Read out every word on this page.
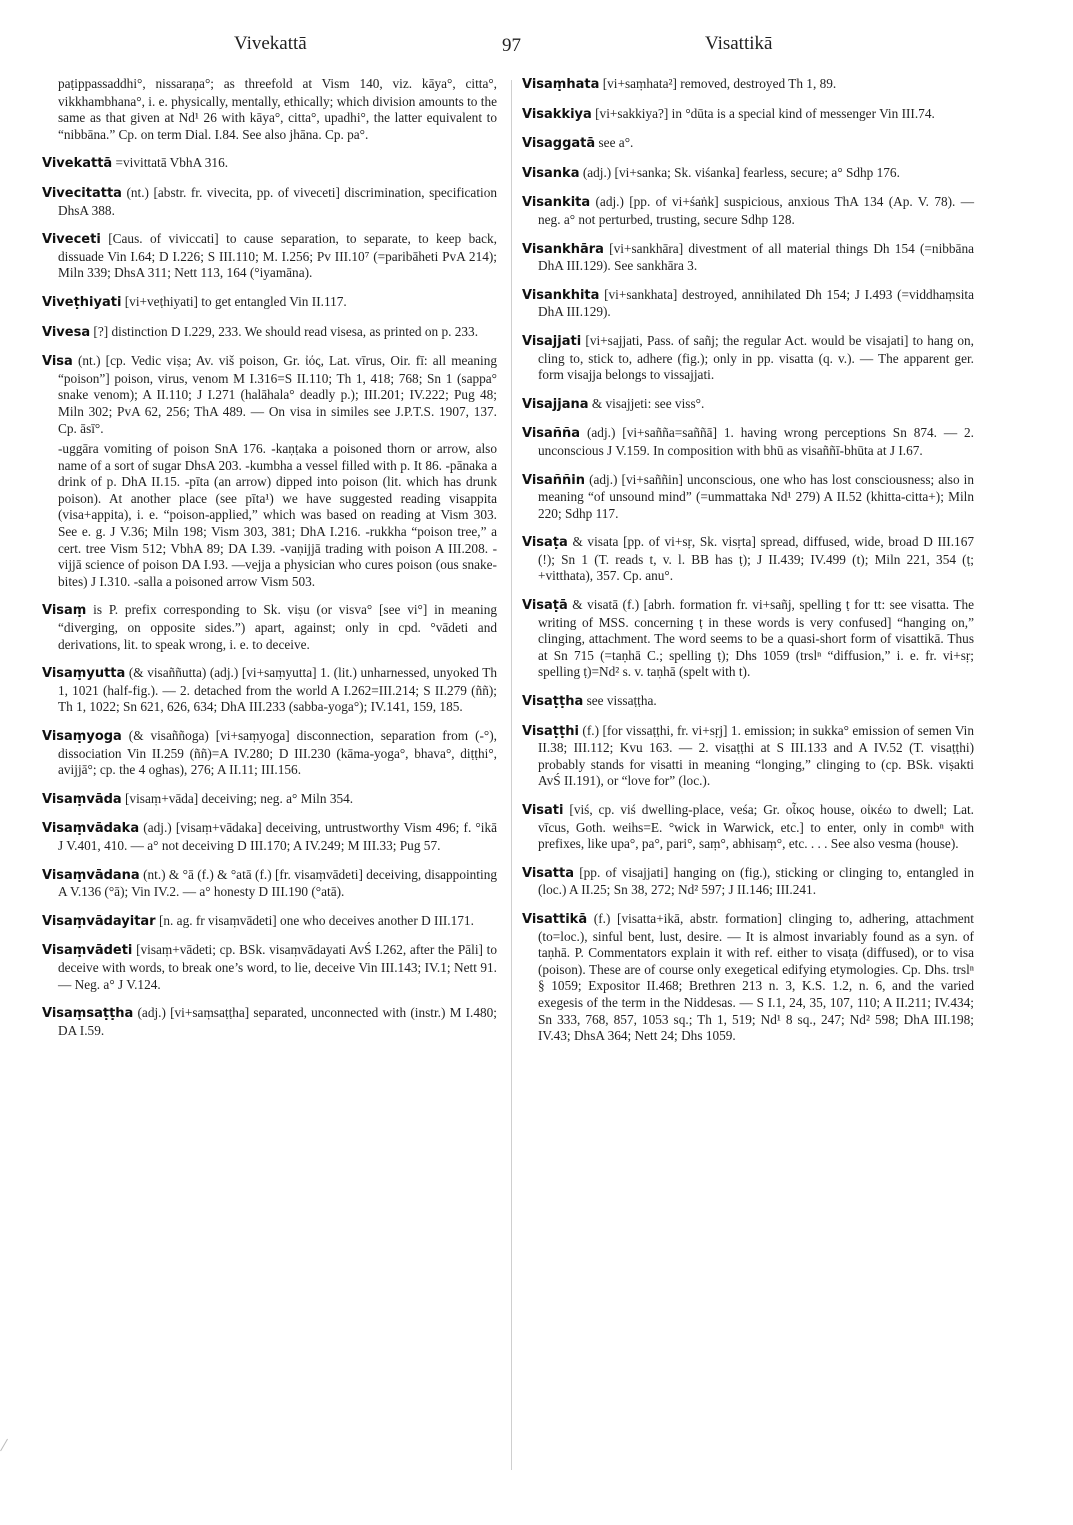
Vivekattā	97	Visattikā

paṭippassaddhi°, nissaraṇa°; as threefold at Vism 140, viz. kāya°, citta°, vikkhambhana°, i. e. physically, mentally, ethically; which division amounts to the same as that given at Nd¹ 26 with kāya°, citta°, upadhi°, the latter equivalent to “nibbāna.” Cp. on term Dial. I.84. See also jhāna. Cp. pa°.

Vivekattā =vivittatā VbhA 316.

Vivecitatta (nt.) [abstr. fr. vivecita, pp. of viveceti] discrimination, specification DhsA 388.

Viveceti [Caus. of viviccati] to cause separation, to separate, to keep back, dissuade Vin I.64; D I.226; S III.110; M. I.256; Pv III.10⁷ (=paribāheti PvA 214); Miln 339; DhsA 311; Nett 113, 164 (°iyamāna).

Viveṭhiyati [vi+veṭhiyati] to get entangled Vin II.117.

Vivesa [?] distinction D I.229, 233. We should read visesa, as printed on p. 233.

Visa (nt.) [cp. Vedic viṣa; Av. viš poison, Gr. ἰός, Lat. vīrus, Oir. fī: all meaning “poison”] poison, virus, venom M I.316=S II.110; Th 1, 418; 768; Sn 1 (sappa° snake venom); A II.110; J I.271 (halāhala° deadly p.); III.201; IV.222; Pug 48; Miln 302; PvA 62, 256; ThA 489. — On visa in similes see J.P.T.S. 1907, 137. Cp. āsī°.

-uggāra vomiting of poison SnA 176. -kaṇṭaka a poisoned thorn or arrow, also name of a sort of sugar DhsA 203. -kumbha a vessel filled with p. It 86. -pānaka a drink of p. DhA II.15. -pīta (an arrow) dipped into poison (lit. which has drunk poison). At another place (see pīta¹) we have suggested reading visappita (visa+appita), i. e. “poison-applied,” which was based on reading at Vism 303. See e. g. J V.36; Miln 198; Vism 303, 381; DhA I.216. -rukkha “poison tree,” a cert. tree Vism 512; VbhA 89; DA I.39. -vaṇijjā trading with poison A III.208. -vijjā science of poison DA I.93. —vejja a physician who cures poison (ous snake-bites) J I.310. -salla a poisoned arrow Vism 503.

Visaṃ is P. prefix corresponding to Sk. viṣu (or visva° [see vi°] in meaning “diverging, on opposite sides.”) apart, against; only in cpd. °vādeti and derivations, lit. to speak wrong, i. e. to deceive.

Visaṃyutta (& visaññutta) (adj.) [vi+saṃyutta] 1. (lit.) unharnessed, unyoked Th 1, 1021 (half-fig.). — 2. detached from the world A I.262=III.214; S II.279 (ññ); Th 1, 1022; Sn 621, 626, 634; DhA III.233 (sabba-yoga°); IV.141, 159, 185.

Visaṃyoga (& visaññoga) [vi+saṃyoga] disconnection, separation from (-°), dissociation Vin II.259 (ññ)=A IV.280; D III.230 (kāma-yoga°, bhava°, diṭṭhi°, avijjā°; cp. the 4 oghas), 276; A II.11; III.156.

Visaṃvāda [visaṃ+vāda] deceiving; neg. a° Miln 354.

Visaṃvādaka (adj.) [visaṃ+vādaka] deceiving, untrustworthy Vism 496; f. °ikā J V.401, 410. — a° not deceiving D III.170; A IV.249; M III.33; Pug 57.

Visaṃvādana (nt.) & °ā (f.) & °atā (f.) [fr. visaṃvādeti] deceiving, disappointing A V.136 (°ā); Vin IV.2. — a° honesty D III.190 (°atā).

Visaṃvādayitar [n. ag. fr visaṃvādeti] one who deceives another D III.171.

Visaṃvādeti [visaṃ+vādeti; cp. BSk. visaṃvādayati AvŚ I.262, after the Pāli] to deceive with words, to break one’s word, to lie, deceive Vin III.143; IV.1; Nett 91. — Neg. a° J V.124.

Visaṃsaṭṭha (adj.) [vi+saṃsaṭṭha] separated, unconnected with (instr.) M I.480; DA I.59.

Visaṃhata [vi+saṃhata²] removed, destroyed Th 1, 89.

Visakkiya [vi+sakkiya?] in °dūta is a special kind of messenger Vin III.74.

Visaggatā see a°.

Visanka (adj.) [vi+sanka; Sk. viśanka] fearless, secure; a° Sdhp 176.

Visankita (adj.) [pp. of vi+śaṅk] suspicious, anxious ThA 134 (Ap. V. 78). — neg. a° not perturbed, trusting, secure Sdhp 128.

Visankhāra [vi+sankhāra] divestment of all material things Dh 154 (=nibbāna DhA III.129). See sankhāra 3.

Visankhita [vi+sankhata] destroyed, annihilated Dh 154; J I.493 (=viddhaṃsita DhA III.129).

Visajjati [vi+sajjati, Pass. of sañj; the regular Act. would be visajati] to hang on, cling to, stick to, adhere (fig.); only in pp. visatta (q. v.). — The apparent ger. form visajja belongs to vissajjati.

Visajjana & visajjeti: see viss°.

Visañña (adj.) [vi+sañña=saññā] 1. having wrong perceptions Sn 874. — 2. unconscious J V.159. In composition with bhū as visaññī-bhūta at J I.67.

Visaññin (adj.) [vi+saññin] unconscious, one who has lost consciousness; also in meaning “of unsound mind” (=ummattaka Nd¹ 279) A II.52 (khitta-citta+); Miln 220; Sdhp 117.

Visaṭa & visata [pp. of vi+sṛ, Sk. visṛta] spread, diffused, wide, broad D III.167 (!); Sn 1 (T. reads t, v. l. BB has ṭ); J II.439; IV.499 (t); Miln 221, 354 (ṭ; +vitthata), 357. Cp. anu°.

Visaṭā & visatā (f.) [abrh. formation fr. vi+sañj, spelling ṭ for tt: see visatta. The writing of MSS. concerning ṭ in these words is very confused] “hanging on,” clinging, attachment. The word seems to be a quasi-short form of visattikā. Thus at Sn 715 (=taṇhā C.; spelling ṭ); Dhs 1059 (trslⁿ “diffusion,” i. e. fr. vi+sṛ; spelling ṭ)=Nd² s. v. taṇhā (spelt with t).

Visaṭṭha see vissaṭṭha.

Visaṭṭhi (f.) [for vissaṭṭhi, fr. vi+sṛj] 1. emission; in sukka° emission of semen Vin II.38; III.112; Kvu 163. — 2. visaṭṭhi at S III.133 and A IV.52 (T. visaṭṭhi) probably stands for visatti in meaning “longing,” clinging to (cp. BSk. viṣakti AvŚ II.191), or “love for” (loc.).

Visati [viś, cp. viś dwelling-place, veśa; Gr. οἶκος house, οἰκέω to dwell; Lat. vīcus, Goth. weihs=E. °wick in Warwick, etc.] to enter, only in combⁿ with prefixes, like upa°, pa°, pari°, saṃ°, abhisaṃ°, etc. . . . See also vesma (house).

Visatta [pp. of visajjati] hanging on (fig.), sticking or clinging to, entangled in (loc.) A II.25; Sn 38, 272; Nd² 597; J II.146; III.241.

Visattikā (f.) [visatta+ikā, abstr. formation] clinging to, adhering, attachment (to=loc.), sinful bent, lust, desire. — It is almost invariably found as a syn. of taṇhā. P. Commentators explain it with ref. either to visaṭa (diffused), or to visa (poison). These are of course only exegetical edifying etymologies. Cp. Dhs. trslⁿ § 1059; Expositor II.468; Brethren 213 n. 3, K.S. 1.2, n. 6, and the varied exegesis of the term in the Niddesas. — S I.1, 24, 35, 107, 110; A II.211; IV.434; Sn 333, 768, 857, 1053 sq.; Th 1, 519; Nd¹ 8 sq., 247; Nd² 598; DhA III.198; IV.43; DhsA 364; Nett 24; Dhs 1059.
